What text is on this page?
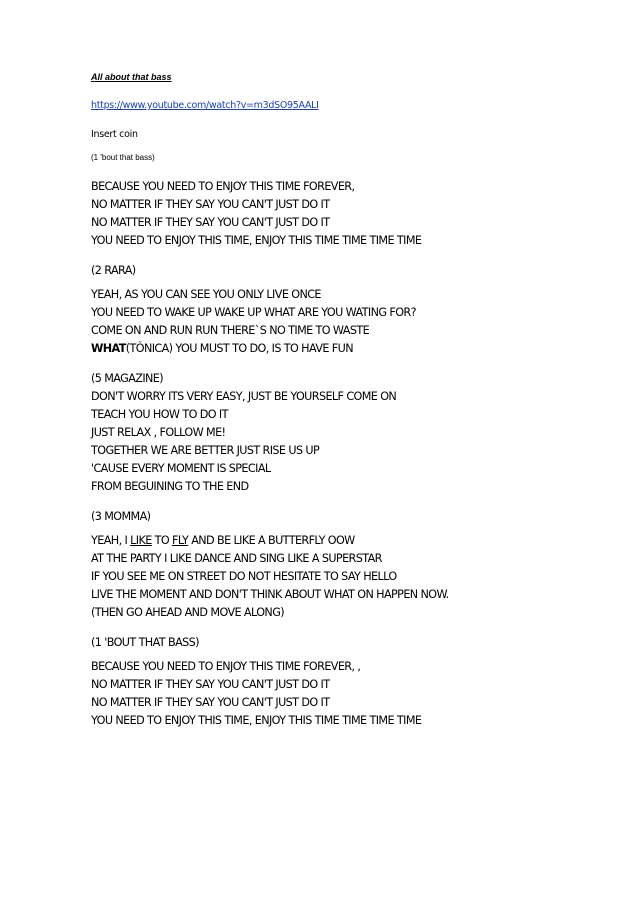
All about that bass
https://www.youtube.com/watch?v=m3dSO95AALI
Insert coin
(1 'bout that bass)
BECAUSE YOU NEED TO ENJOY THIS TIME FOREVER,
NO MATTER IF THEY SAY YOU CAN'T JUST DO IT
NO MATTER IF THEY SAY YOU CAN'T JUST DO IT
YOU NEED TO ENJOY THIS TIME, ENJOY THIS TIME TIME TIME TIME
(2 RARA)
YEAH, AS YOU CAN SEE YOU ONLY LIVE ONCE
YOU NEED TO WAKE UP WAKE UP WHAT ARE YOU WATING FOR?
COME ON AND RUN RUN THERE`S NO TIME TO WASTE
WHAT(TÒNICA) YOU MUST TO DO, IS TO HAVE FUN
(5 MAGAZINE)
DON'T WORRY ITS VERY EASY, JUST BE YOURSELF COME ON
TEACH YOU HOW TO DO IT
JUST RELAX , FOLLOW ME!
TOGETHER WE ARE BETTER JUST RISE US UP
'CAUSE EVERY MOMENT IS SPECIAL
FROM BEGUINING TO THE END
(3 MOMMA)
YEAH, I LIKE TO FLY AND BE LIKE A BUTTERFLY OOW
AT THE PARTY I LIKE DANCE AND SING LIKE A SUPERSTAR
IF YOU SEE ME ON STREET DO NOT HESITATE TO SAY HELLO
LIVE THE MOMENT AND DON'T THINK ABOUT WHAT ON HAPPEN NOW.
(THEN GO AHEAD AND MOVE ALONG)
(1 'BOUT THAT BASS)
BECAUSE YOU NEED TO ENJOY THIS TIME FOREVER, ,
NO MATTER IF THEY SAY YOU CAN'T JUST DO IT
NO MATTER IF THEY SAY YOU CAN'T JUST DO IT
YOU NEED TO ENJOY THIS TIME, ENJOY THIS TIME TIME TIME TIME
